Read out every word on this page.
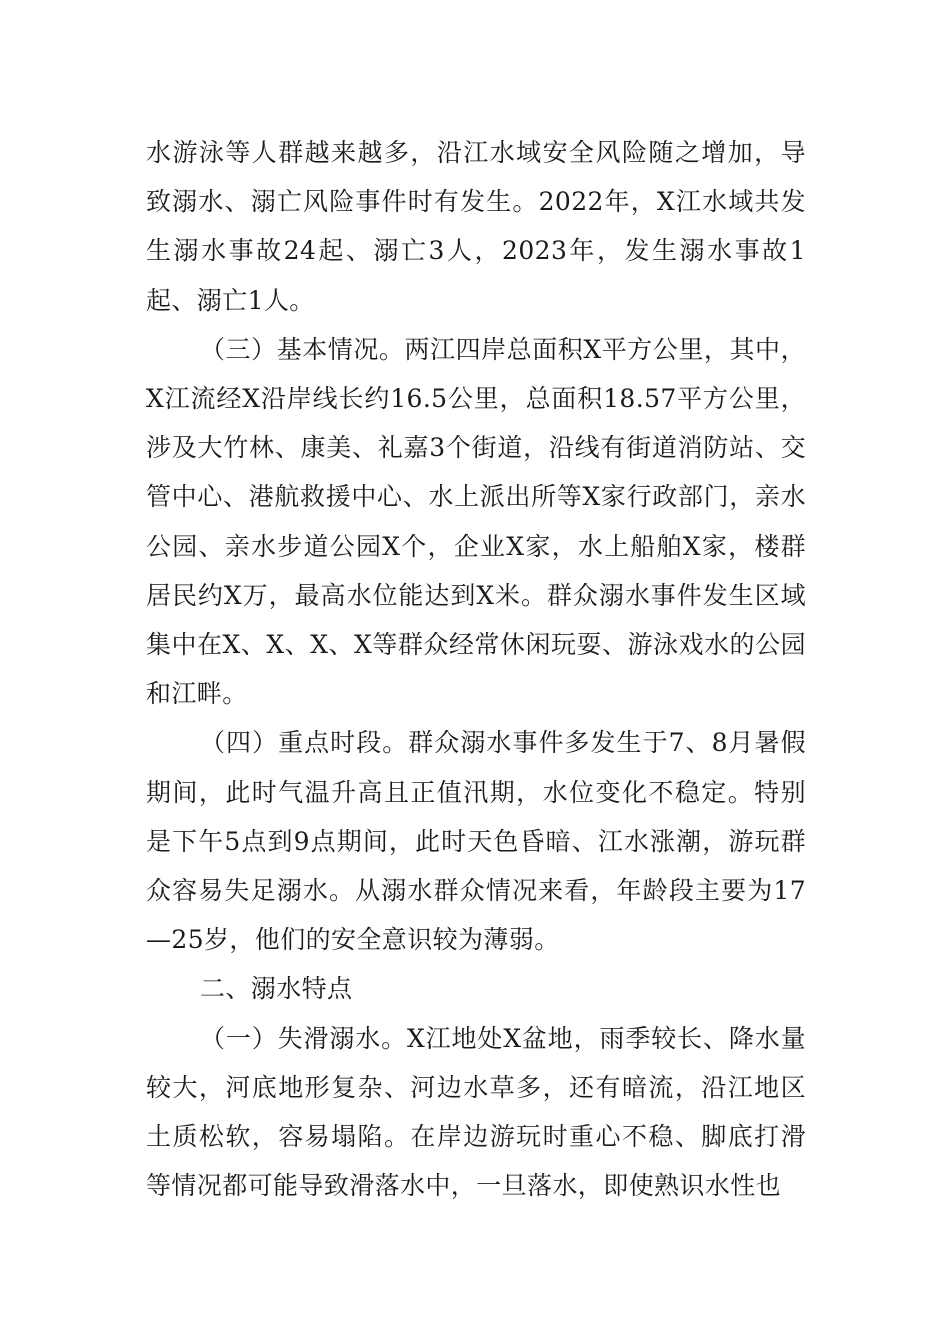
水游泳等人群越来越多，沿江水域安全风险随之增加，导致溺水、溺亡风险事件时有发生。2022年，X江水域共发生溺水事故24起、溺亡3人，2023年，发生溺水事故1起、溺亡1人。

（三）基本情况。两江四岸总面积X平方公里，其中，X江流经X沿岸线长约16.5公里，总面积18.57平方公里，涉及大竹林、康美、礼嘉3个街道，沿线有街道消防站、交管中心、港航救援中心、水上派出所等X家行政部门，亲水公园、亲水步道公园X个，企业X家，水上船舶X家，楼群居民约X万，最高水位能达到X米。群众溺水事件发生区域集中在X、X、X、X等群众经常休闲玩耍、游泳戏水的公园和江畔。

（四）重点时段。群众溺水事件多发生于7、8月暑假期间，此时气温升高且正值汛期，水位变化不稳定。特别是下午5点到9点期间，此时天色昏暗、江水涨潮，游玩群众容易失足溺水。从溺水群众情况来看，年龄段主要为17—25岁，他们的安全意识较为薄弱。

二、溺水特点

（一）失滑溺水。X江地处X盆地，雨季较长、降水量较大，河底地形复杂、河边水草多，还有暗流，沿江地区土质松软，容易塌陷。在岸边游玩时重心不稳、脚底打滑等情况都可能导致滑落水中，一旦落水，即使熟识水性也
